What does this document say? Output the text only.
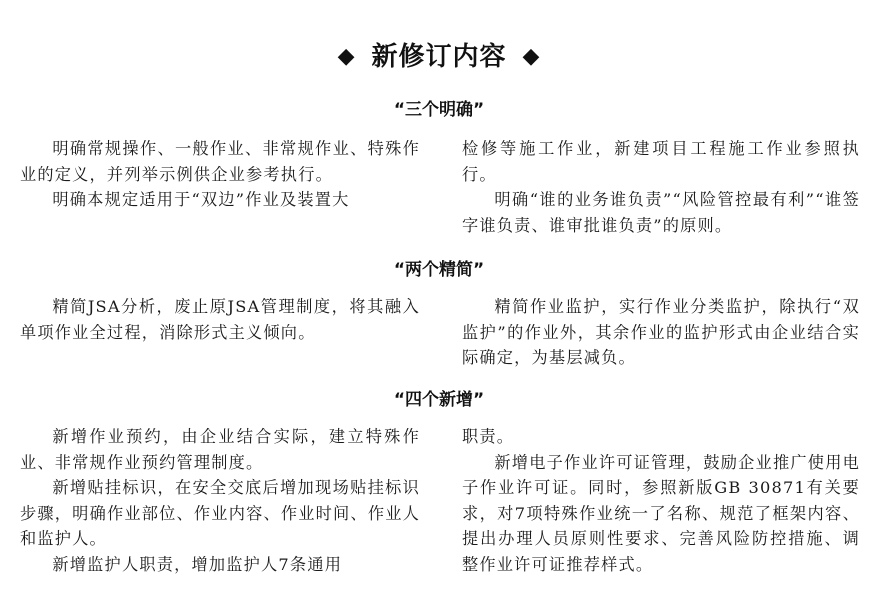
◆ 新修订内容 ◆
“三个明确”

明确常规操作、一般作业、非常规作业、特殊作业的定义，并列举示例供企业参考执行。

明确本规定适用于“双边”作业及装置大

检修等施工作业，新建项目工程施工作业参照执行。

明确“谁的业务谁负责”“风险管控最有利”“谁签字谁负责、谁审批谁负责”的原则。

“两个精简”

精简JSA分析，废止原JSA管理制度，将其融入单项作业全过程，消除形式主义倾向。

精简作业监护，实行作业分类监护，除执行“双监护”的作业外，其余作业的监护形式由企业结合实际确定，为基层减负。

“四个新增”

新增作业预约，由企业结合实际，建立特殊作业、非常规作业预约管理制度。

新增贴挂标识，在安全交底后增加现场贴挂标识步骤，明确作业部位、作业内容、作业时间、作业人和监护人。

新增监护人职责，增加监护人7条通用

职责。

新增电子作业许可证管理，鼓励企业推广使用电子作业许可证。同时，参照新版GB 30871有关要求，对7项特殊作业统一了名称、规范了框架内容、提出办理人员原则性要求、完善风险防控措施、调整作业许可证推荐样式。
